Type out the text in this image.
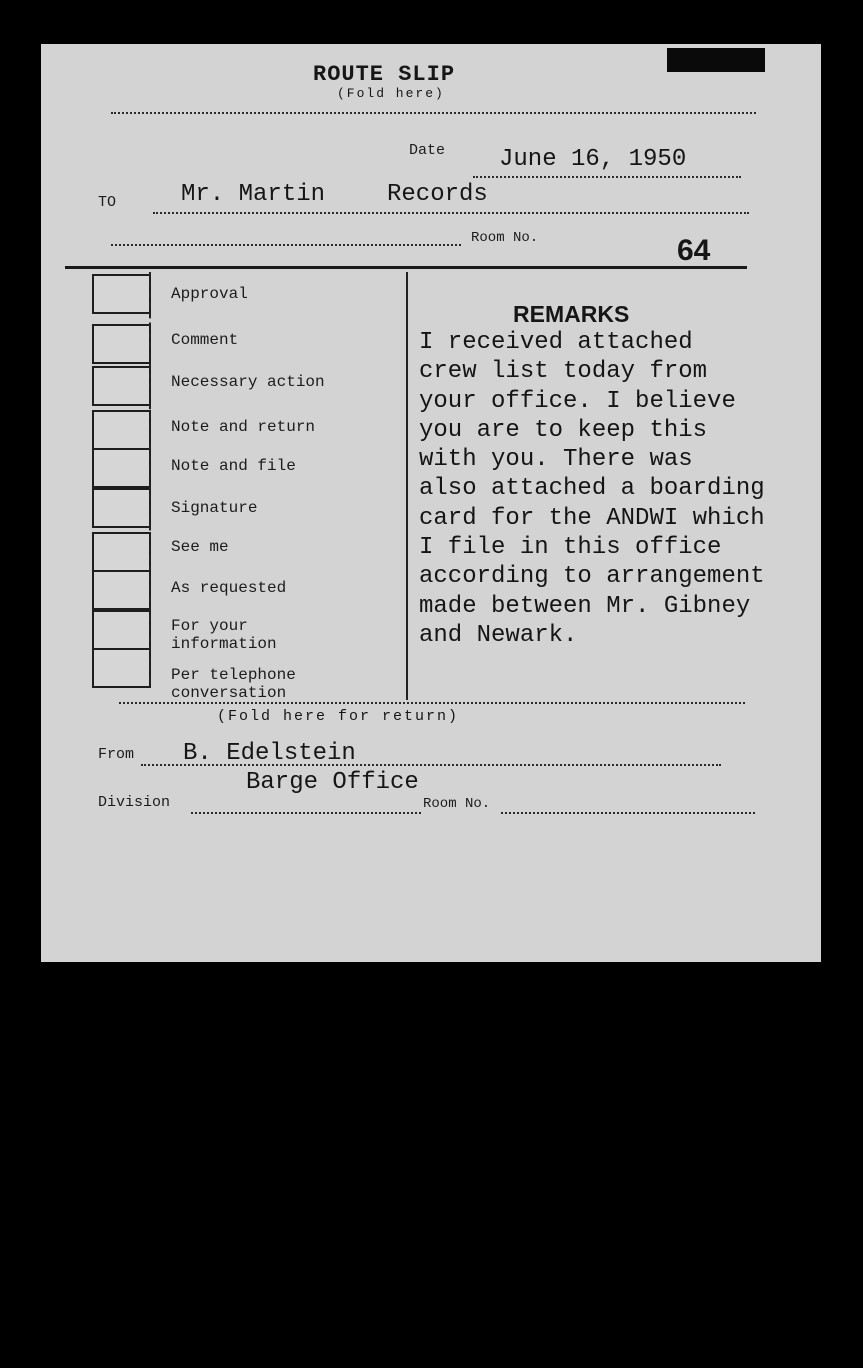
ROUTE SLIP
(Fold here)
Date June 16, 1950
TO	Mr. Martin	Records
Room No.	64
Approval
Comment
Necessary action
Note and return
Note and file
Signature
See me
As requested
For your
information
Per telephone
conversation
REMARKS
I received attached
crew list today from
your office. I believe
you are to keep this
with you. There was
also attached a boarding
card for the ANDWI which
I file in this office
according to arrangement
made between Mr. Gibney
and Newark.
(Fold here for return)
From B. Edelstein
Barge Office
Division	Room No.
